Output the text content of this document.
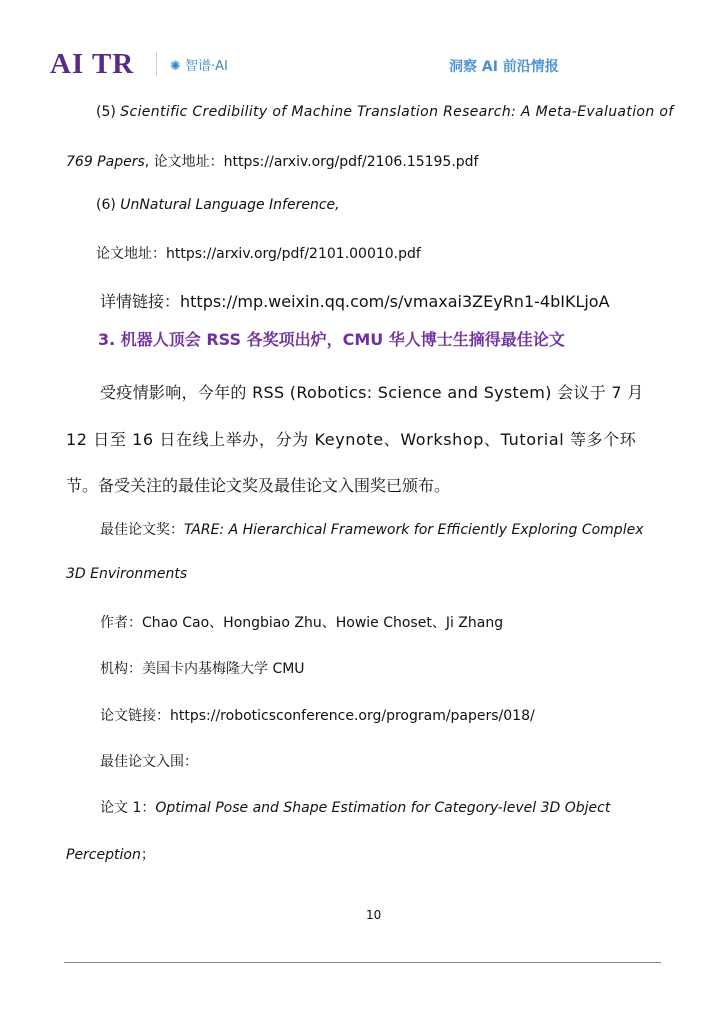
AI TR	✺ 智谱·AI	洞察 AI 前沿情报
(5) Scientific Credibility of Machine Translation Research: A Meta-Evaluation of
769 Papers, 论文地址：https://arxiv.org/pdf/2106.15195.pdf
(6) UnNatural Language Inference,
论文地址：https://arxiv.org/pdf/2101.00010.pdf
详情链接：https://mp.weixin.qq.com/s/vmaxai3ZEyRn1-4bIKLjoA
3. 机器人顶会 RSS 各奖项出炉，CMU 华人博士生摘得最佳论文
受疫情影响，今年的 RSS (Robotics: Science and System) 会议于 7 月
12 日至 16 日在线上举办，分为 Keynote、Workshop、Tutorial 等多个环
节。备受关注的最佳论文奖及最佳论文入围奖已颁布。
最佳论文奖：TARE: A Hierarchical Framework for Efficiently Exploring Complex
3D Environments
作者：Chao Cao、Hongbiao Zhu、Howie Choset、Ji Zhang
机构：美国卡内基梅隆大学 CMU
论文链接：https://roboticsconference.org/program/papers/018/
最佳论文入围：
论文 1：Optimal Pose and Shape Estimation for Category-level 3D Object
Perception；
10
